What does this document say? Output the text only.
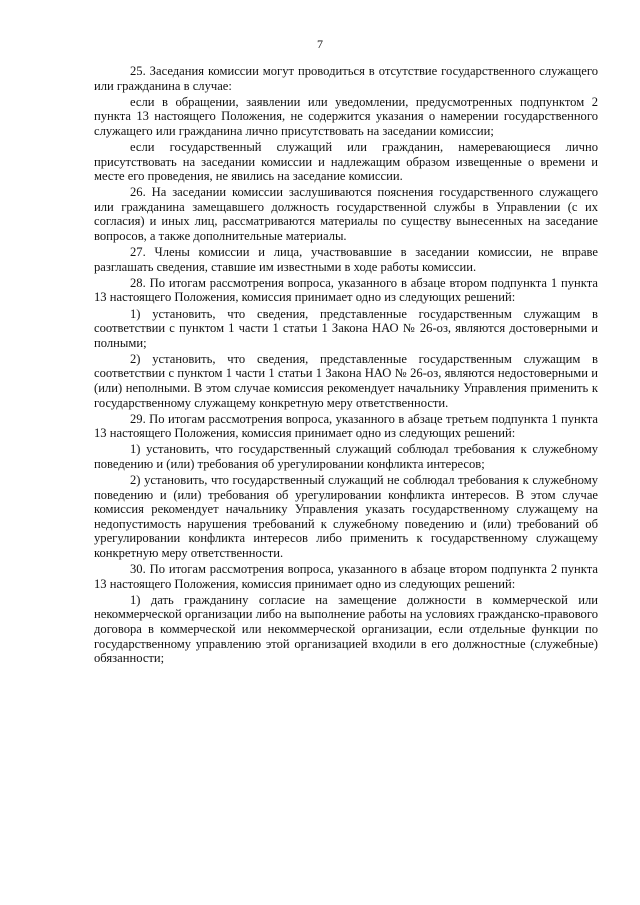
7

25. Заседания комиссии могут проводиться в отсутствие государственного служащего или гражданина в случае:

если в обращении, заявлении или уведомлении, предусмотренных подпунктом 2 пункта 13 настоящего Положения, не содержится указания о намерении государственного служащего или гражданина лично присутствовать на заседании комиссии;

если государственный служащий или гражданин, намеревающиеся лично присутствовать на заседании комиссии и надлежащим образом извещенные о времени и месте его проведения, не явились на заседание комиссии.

26. На заседании комиссии заслушиваются пояснения государственного служащего или гражданина замещавшего должность государственной службы в Управлении (с их согласия) и иных лиц, рассматриваются материалы по существу вынесенных на заседание вопросов, а также дополнительные материалы.

27. Члены комиссии и лица, участвовавшие в заседании комиссии, не вправе разглашать сведения, ставшие им известными в ходе работы комиссии.

28. По итогам рассмотрения вопроса, указанного в абзаце втором подпункта 1 пункта 13 настоящего Положения, комиссия принимает одно из следующих решений:

1) установить, что сведения, представленные государственным служащим в соответствии с пунктом 1 части 1 статьи 1 Закона НАО № 26-оз, являются достоверными и полными;

2) установить, что сведения, представленные государственным служащим в соответствии с пунктом 1 части 1 статьи 1 Закона НАО № 26-оз, являются недостоверными и (или) неполными. В этом случае комиссия рекомендует начальнику Управления применить к государственному служащему конкретную меру ответственности.

29. По итогам рассмотрения вопроса, указанного в абзаце третьем подпункта 1 пункта 13 настоящего Положения, комиссия принимает одно из следующих решений:

1) установить, что государственный служащий соблюдал требования к служебному поведению и (или) требования об урегулировании конфликта интересов;

2) установить, что государственный служащий не соблюдал требования к служебному поведению и (или) требования об урегулировании конфликта интересов. В этом случае комиссия рекомендует начальнику Управления указать государственному служащему на недопустимость нарушения требований к служебному поведению и (или) требований об урегулировании конфликта интересов либо применить к государственному служащему конкретную меру ответственности.

30. По итогам рассмотрения вопроса, указанного в абзаце втором подпункта 2 пункта 13 настоящего Положения, комиссия принимает одно из следующих решений:

1) дать гражданину согласие на замещение должности в коммерческой или некоммерческой организации либо на выполнение работы на условиях гражданско-правового договора в коммерческой или некоммерческой организации, если отдельные функции по государственному управлению этой организацией входили в его должностные (служебные) обязанности;
